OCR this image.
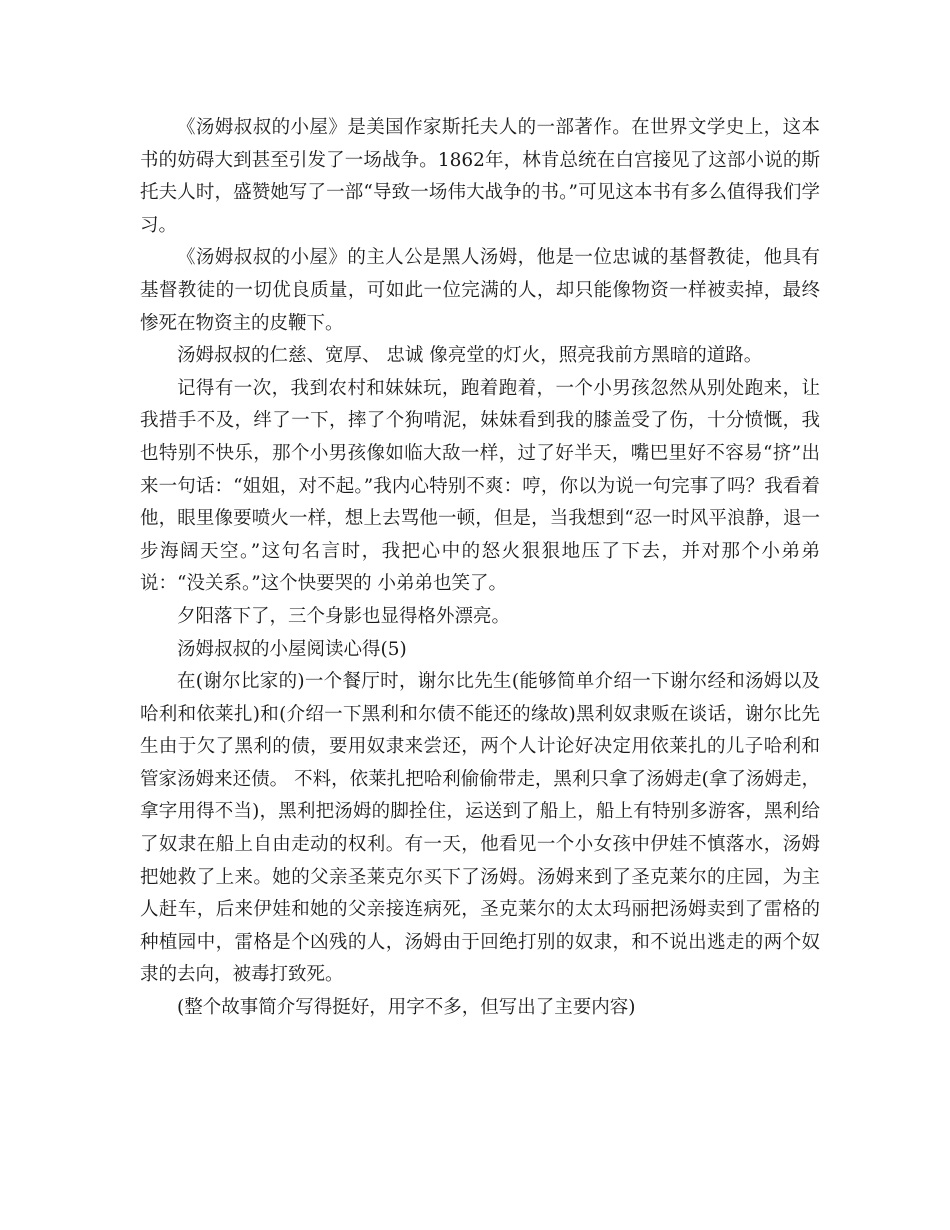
《汤姆叔叔的小屋》是美国作家斯托夫人的一部著作。在世界文学史上，这本书的妨碍大到甚至引发了一场战争。1862年，林肯总统在白宫接见了这部小说的斯托夫人时，盛赞她写了一部“导致一场伟大战争的书。”可见这本书有多么值得我们学习。

《汤姆叔叔的小屋》的主人公是黑人汤姆，他是一位忠诚的基督教徒，他具有基督教徒的一切优良质量，可如此一位完满的人，却只能像物资一样被卖掉，最终惨死在物资主的皮鞭下。

汤姆叔叔的仁慈、宽厚、 忠诚 像亮堂的灯火，照亮我前方黑暗的道路。

记得有一次，我到农村和妹妹玩，跑着跑着，一个小男孩忽然从别处跑来，让我措手不及，绊了一下，摔了个狗啃泥，妹妹看到我的膝盖受了伤，十分愤慨，我也特别不快乐，那个小男孩像如临大敌一样，过了好半天，嘴巴里好不容易“挤”出来一句话：“姐姐，对不起。”我内心特别不爽：哼，你以为说一句完事了吗？我看着他，眼里像要喷火一样，想上去骂他一顿，但是，当我想到“忍一时风平浪静，退一步海阔天空。”这句名言时，我把心中的怒火狠狠地压了下去，并对那个小弟弟说：“没关系。”这个快要哭的 小弟弟也笑了。

夕阳落下了，三个身影也显得格外漂亮。

汤姆叔叔的小屋阅读心得(5)

在(谢尔比家的)一个餐厅时，谢尔比先生(能够简单介绍一下谢尔经和汤姆以及哈利和依莱扎)和(介绍一下黑利和尔债不能还的缘故)黑利奴隶贩在谈话，谢尔比先生由于欠了黑利的债，要用奴隶来尝还，两个人计论好决定用依莱扎的儿子哈利和管家汤姆来还债。 不料，依莱扎把哈利偷偷带走，黑利只拿了汤姆走(拿了汤姆走，拿字用得不当)，黑利把汤姆的脚拴住，运送到了船上，船上有特别多游客，黑利给了奴隶在船上自由走动的权利。有一天，他看见一个小女孩中伊娃不慎落水，汤姆把她救了上来。她的父亲圣莱克尔买下了汤姆。汤姆来到了圣克莱尔的庄园，为主人赶车，后来伊娃和她的父亲接连病死，圣克莱尔的太太玛丽把汤姆卖到了雷格的种植园中，雷格是个凶残的人，汤姆由于回绝打别的奴隶，和不说出逃走的两个奴隶的去向，被毒打致死。

(整个故事简介写得挺好，用字不多，但写出了主要内容)
